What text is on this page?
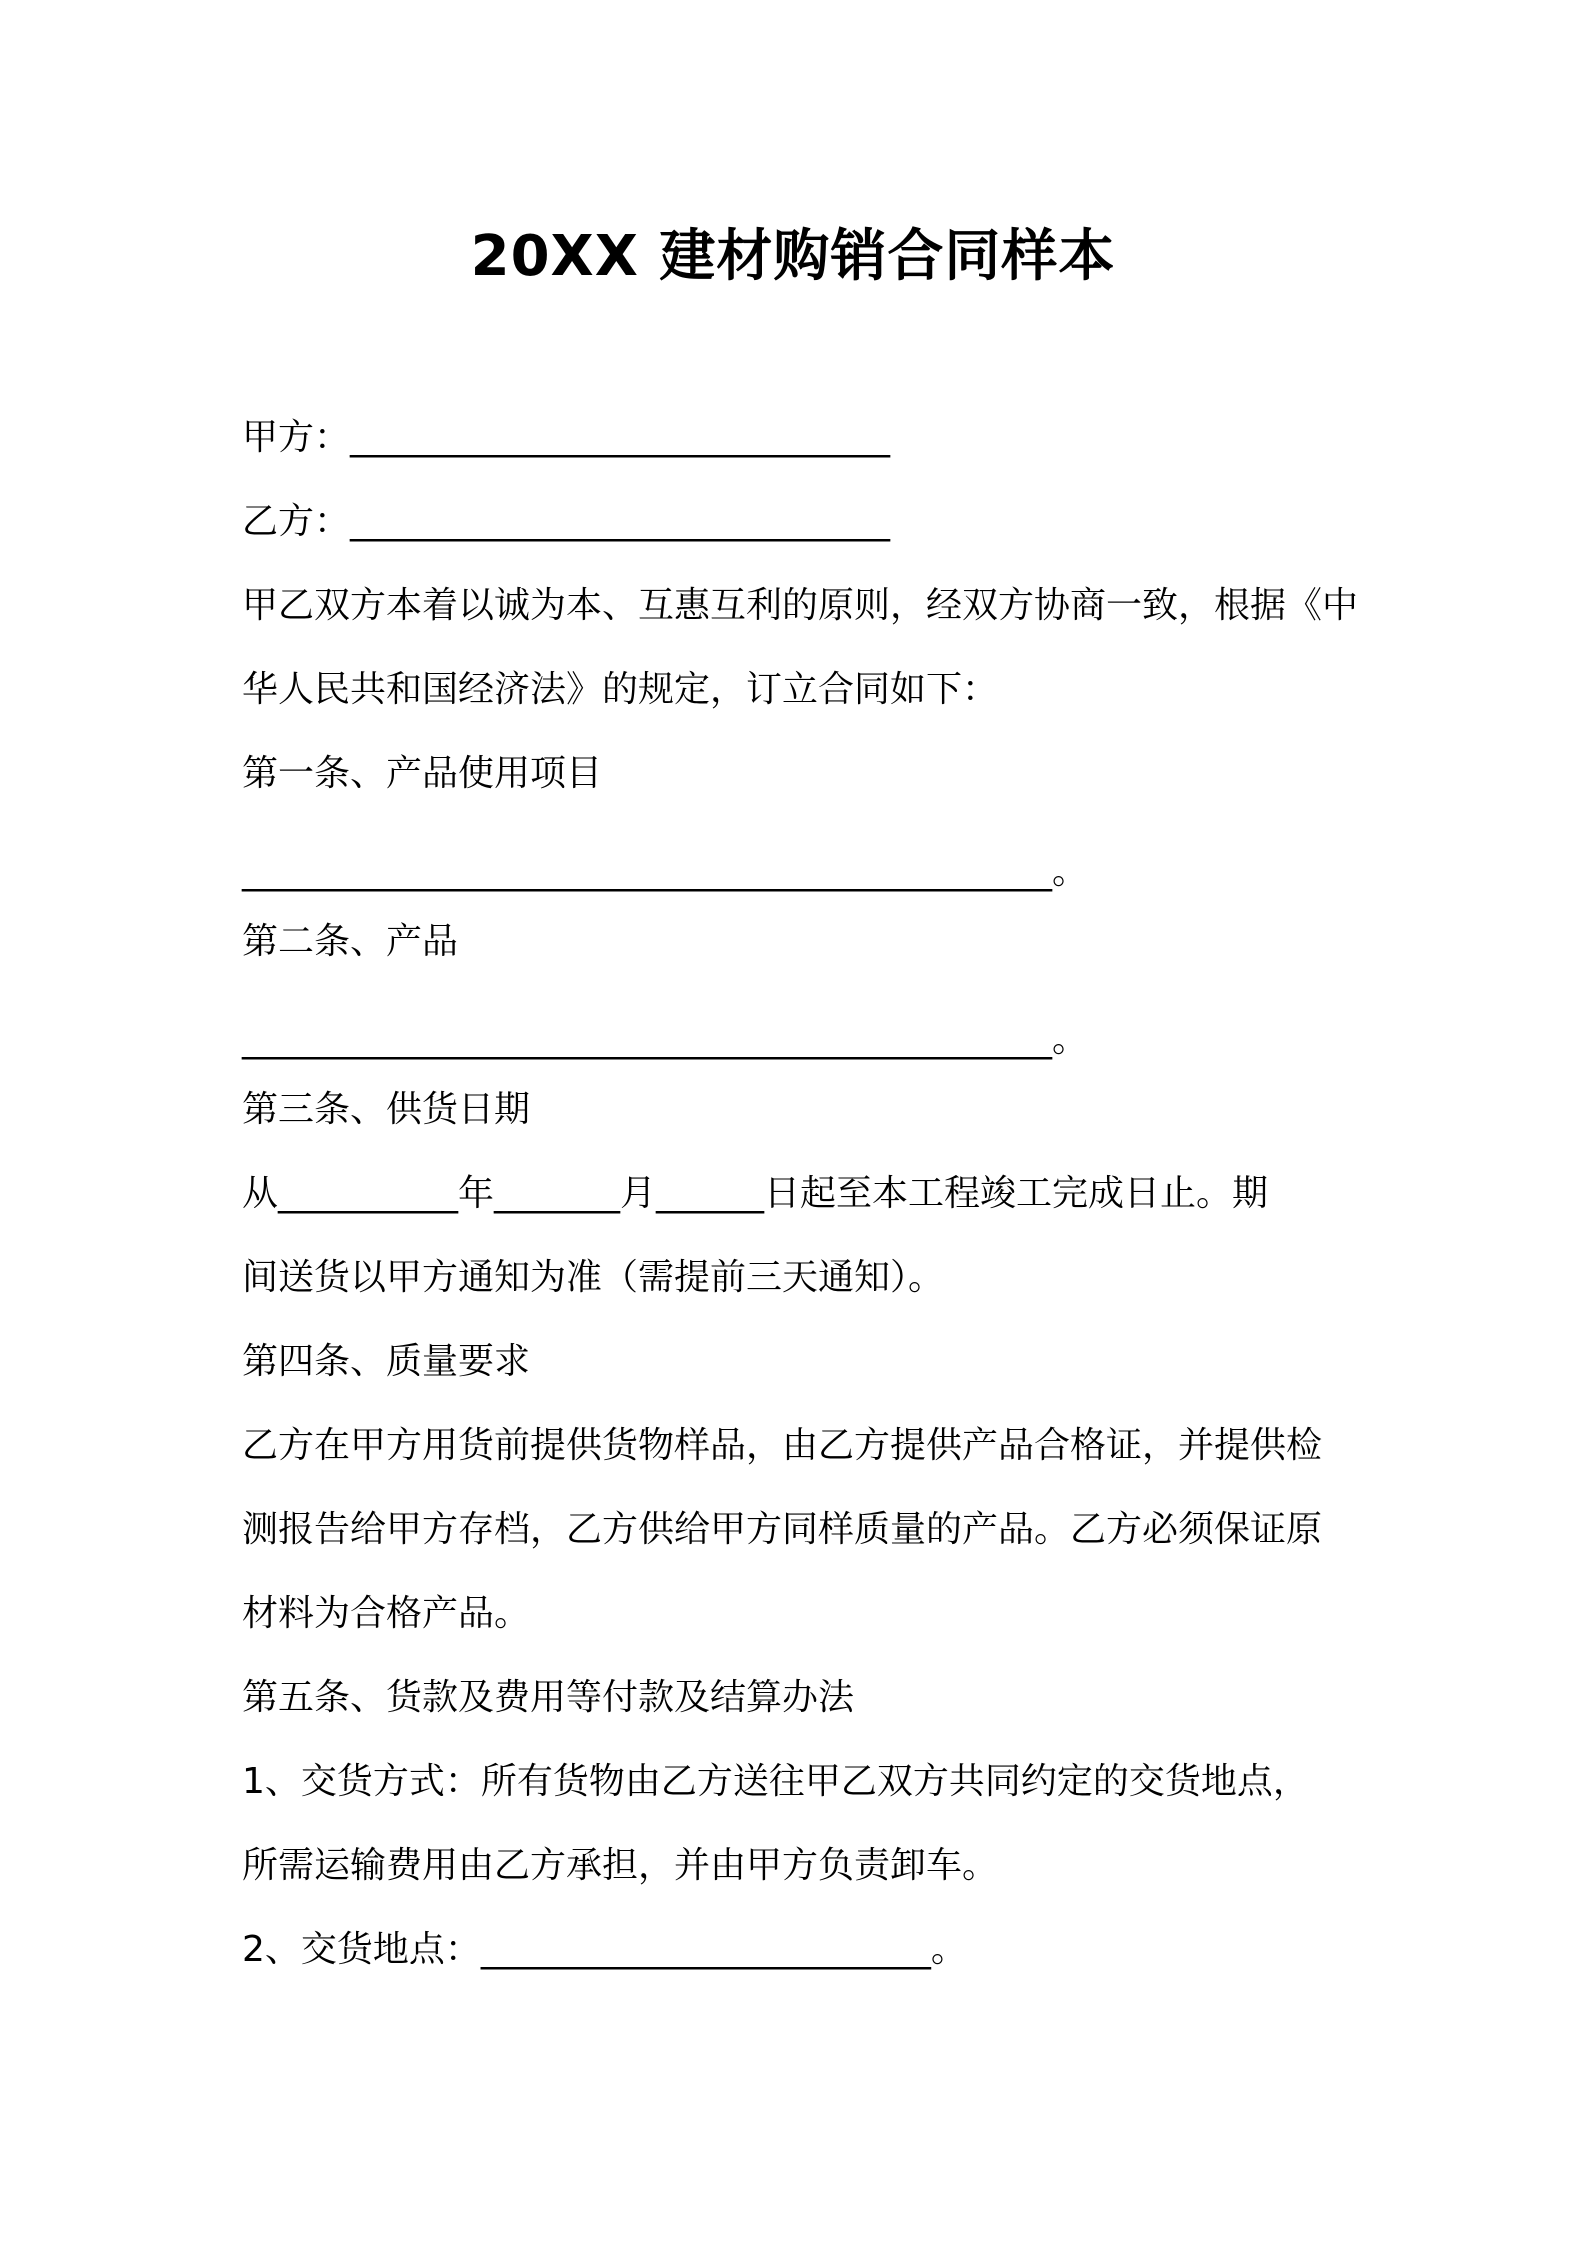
20XX 建材购销合同样本
甲方：______________________________
乙方：______________________________
甲乙双方本着以诚为本、互惠互利的原则，经双方协商一致，根据《中
华人民共和国经济法》的规定，订立合同如下：
第一条、产品使用项目
_____________________________________________。
第二条、产品
_____________________________________________。
第三条、供货日期
从__________年_______月______日起至本工程竣工完成日止。期
间送货以甲方通知为准（需提前三天通知）。
第四条、质量要求
乙方在甲方用货前提供货物样品，由乙方提供产品合格证，并提供检
测报告给甲方存档，乙方供给甲方同样质量的产品。乙方必须保证原
材料为合格产品。
第五条、货款及费用等付款及结算办法
1、交货方式：所有货物由乙方送往甲乙双方共同约定的交货地点，
所需运输费用由乙方承担，并由甲方负责卸车。
2、交货地点：_________________________。
